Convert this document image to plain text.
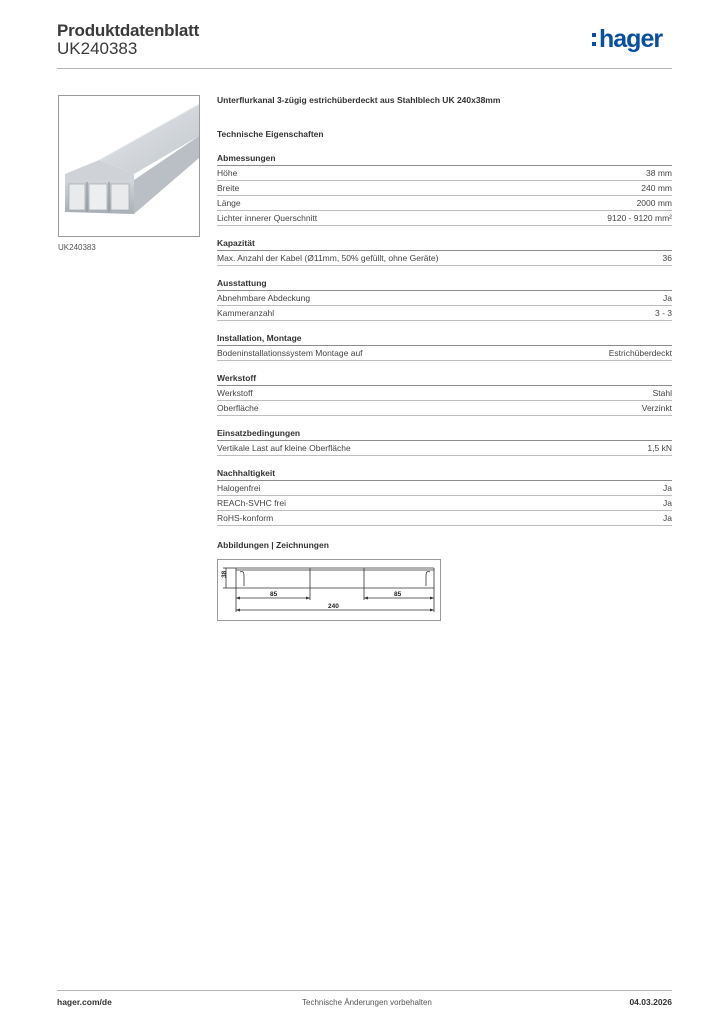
Produktdatenblatt
UK240383	hager
UK240383
Unterflurkanal 3-zügig estrichüberdeckt aus Stahlblech UK 240x38mm
Technische Eigenschaften
Abmessungen
Höhe	38 mm
Breite	240 mm
Länge	2000 mm
Lichter innerer Querschnitt	9120 - 9120 mm²
Kapazität
Max. Anzahl der Kabel (Ø11mm, 50% gefüllt, ohne Geräte)	36
Ausstattung
Abnehmbare Abdeckung	Ja
Kammeranzahl	3 - 3
Installation, Montage
Bodeninstallationssystem Montage auf	Estrichüberdeckt
Werkstoff
Werkstoff	Stahl
Oberfläche	Verzinkt
Einsatzbedingungen
Vertikale Last auf kleine Oberfläche	1,5 kN
Nachhaltigkeit
Halogenfrei	Ja
REACh-SVHC frei	Ja
RoHS-konform	Ja
Abbildungen | Zeichnungen
38
85
240
85
hager.com/de	Technische Änderungen vorbehalten	04.03.2026
